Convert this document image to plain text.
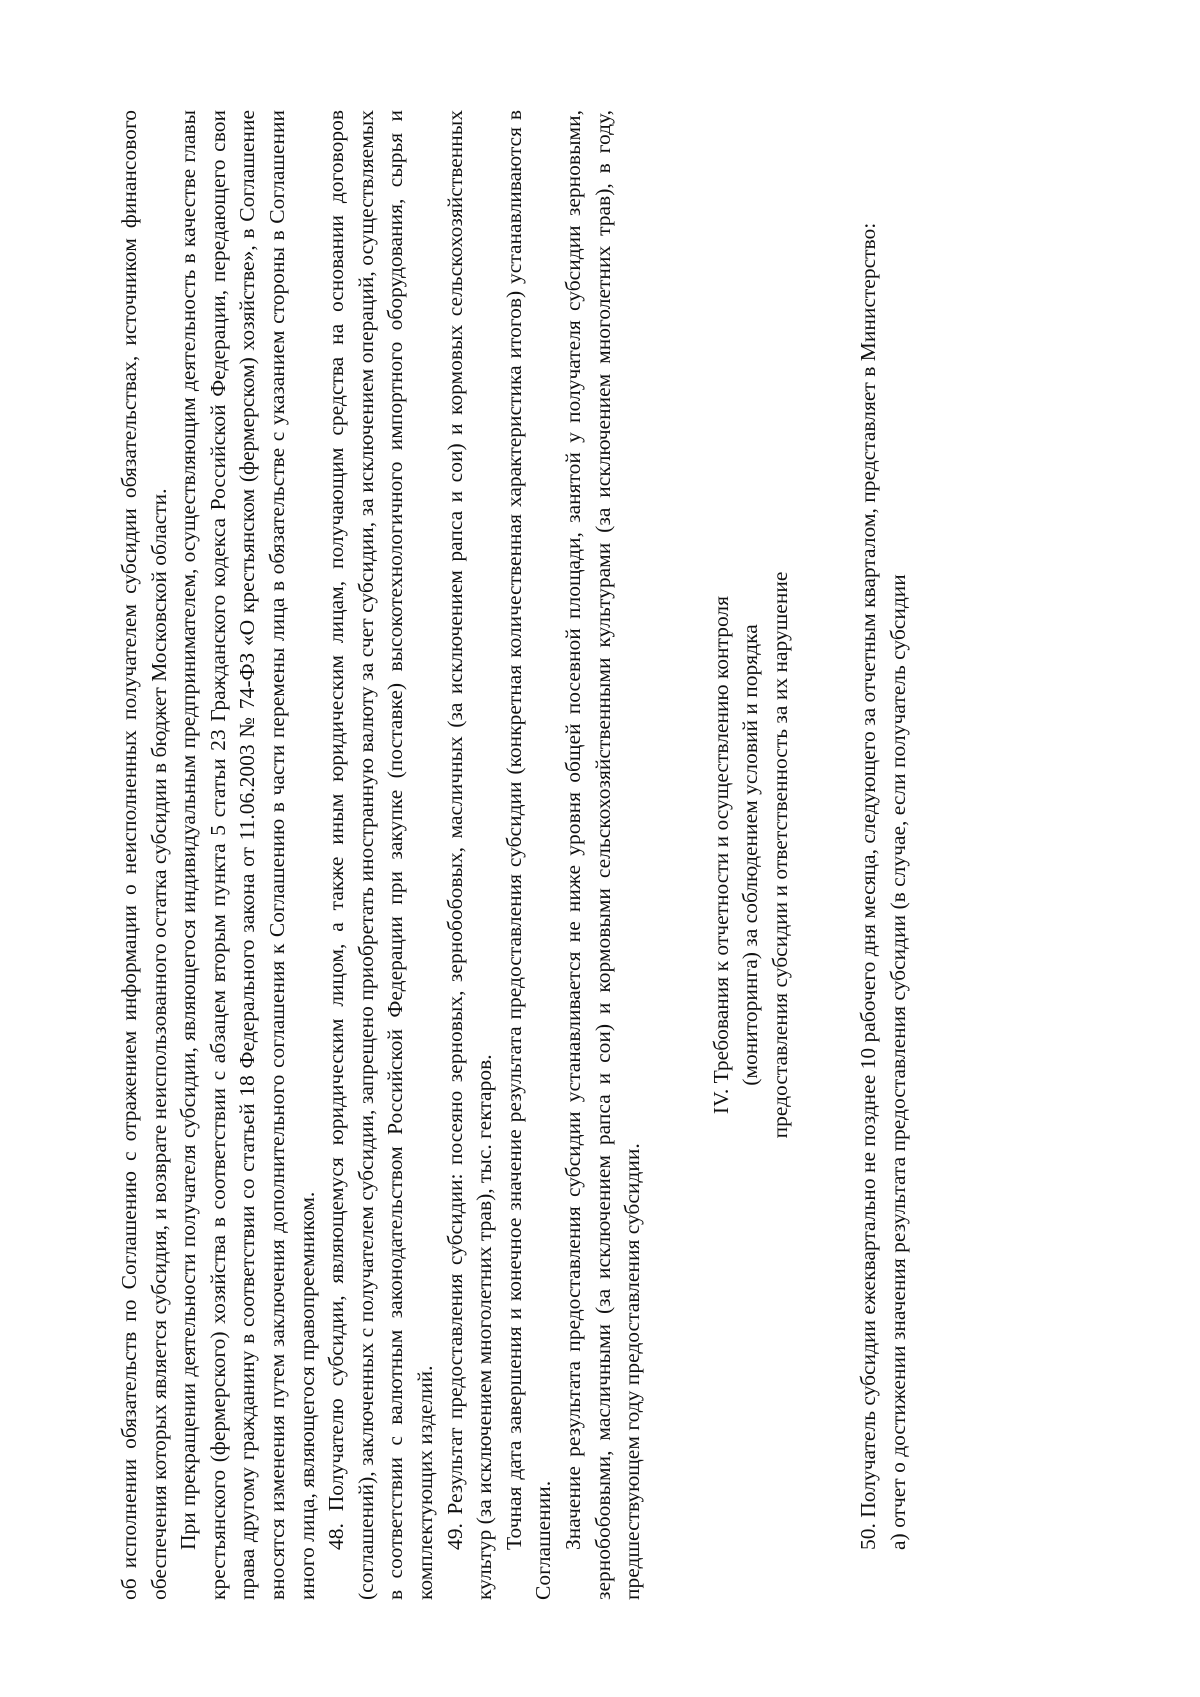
об исполнении обязательств по Соглашению с отражением информации о неисполненных получателем субсидии обязательствах, источником финансового обеспечения которых является субсидия, и возврате неиспользованного остатка субсидии в бюджет Московской области. При прекращении деятельности получателя субсидии, являющегося индивидуальным предпринимателем, осуществляющим деятельность в качестве главы крестьянского (фермерского) хозяйства в соответствии с абзацем вторым пункта 5 статьи 23 Гражданского кодекса Российской Федерации, передающего свои права другому гражданину в соответствии со статьей 18 Федерального закона от 11.06.2003 № 74-ФЗ «О крестьянском (фермерском) хозяйстве», в Соглашение вносятся изменения путем заключения дополнительного соглашения к Соглашению в части перемены лица в обязательстве с указанием стороны в Соглашении иного лица, являющегося правопреемником. 48. Получателю субсидии, являющемуся юридическим лицом, а также иным юридическим лицам, получающим средства на основании договоров (соглашений), заключенных с получателем субсидии, запрещено приобретать иностранную валюту за счет субсидии, за исключением операций, осуществляемых в соответствии с валютным законодательством Российской Федерации при закупке (поставке) высокотехнологичного импортного оборудования, сырья и комплектующих изделий. 49. Результат предоставления субсидии: посеяно зерновых, зернобобовых, масличных (за исключением рапса и сои) и кормовых сельскохозяйственных культур (за исключением многолетних трав), тыс. гектаров. Точная дата завершения и конечное значение результата предоставления субсидии (конкретная количественная характеристика итогов) устанавливаются в Соглашении. Значение результата предоставления субсидии устанавливается не ниже уровня общей посевной площади, занятой у получателя субсидии зерновыми, зернобобовыми, масличными (за исключением рапса и сои) и кормовыми сельскохозяйственными культурами (за исключением многолетних трав), в году, предшествующем году предоставления субсидии.

IV. Требования к отчетности и осуществлению контроля (мониторинга) за соблюдением условий и порядка предоставления субсидии и ответственность за их нарушение	50. Получатель субсидии ежеквартально не позднее 10 рабочего дня месяца, следующего за отчетным кварталом, представляет в Министерство: а) отчет о достижении значения результата предоставления субсидии (в случае, если получатель субсидии
